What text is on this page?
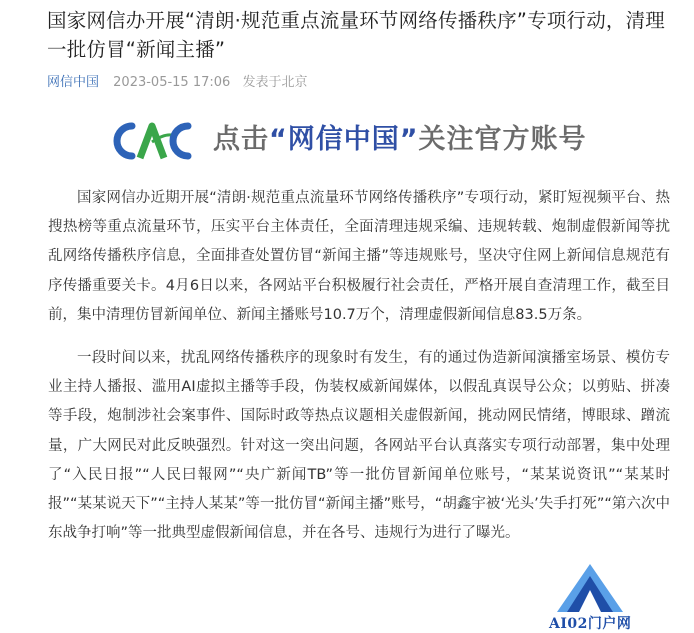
国家网信办开展“清朗·规范重点流量环节网络传播秩序”专项行动，清理一批仿冒“新闻主播”
网信中国 2023-05-15 17:06 发表于北京
点击“网信中国”关注官方账号

国家网信办近期开展“清朗·规范重点流量环节网络传播秩序”专项行动，紧盯短视频平台、热搜热榜等重点流量环节，压实平台主体责任，全面清理违规采编、违规转载、炮制虚假新闻等扰乱网络传播秩序信息，全面排查处置仿冒“新闻主播”等违规账号，坚决守住网上新闻信息规范有序传播重要关卡。4月6日以来，各网站平台积极履行社会责任，严格开展自查清理工作，截至目前，集中清理仿冒新闻单位、新闻主播账号10.7万个，清理虚假新闻信息83.5万条。

一段时间以来，扰乱网络传播秩序的现象时有发生，有的通过伪造新闻演播室场景、模仿专业主持人播报、滥用AI虚拟主播等手段，伪装权威新闻媒体，以假乱真误导公众；以剪贴、拼凑等手段，炮制涉社会案事件、国际时政等热点议题相关虚假新闻，挑动网民情绪，博眼球、蹭流量，广大网民对此反映强烈。针对这一突出问题，各网站平台认真落实专项行动部署，集中处理了“入民日报”“人民曰報网”“央广新闻TB”等一批仿冒新闻单位账号，“某某说资讯”“某某时报”“某某说天下”“主持人某某”等一批仿冒“新闻主播”账号，“胡鑫宇被‘光头’失手打死”“第六次中东战争打响”等一批典型虚假新闻信息，并在各号、违规行为进行了曝光。

AI02门户网
